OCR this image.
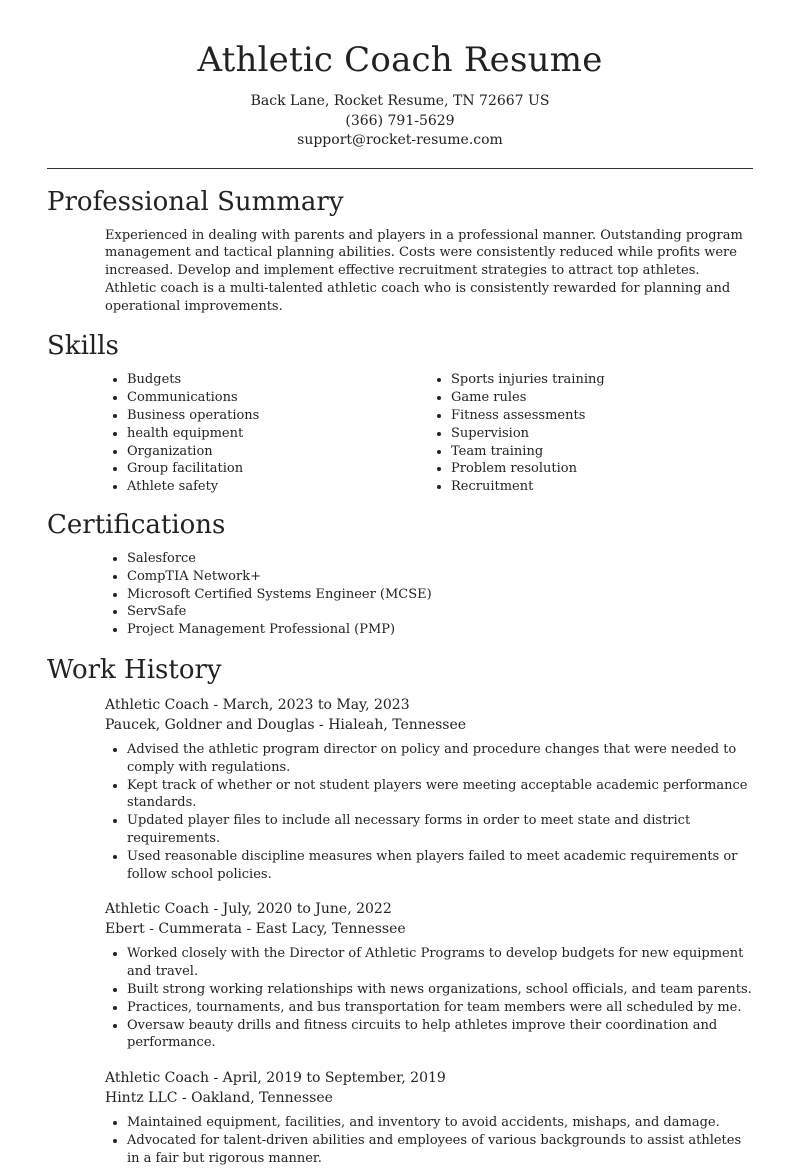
Athletic Coach Resume
Back Lane, Rocket Resume, TN 72667 US
(366) 791-5629
support@rocket-resume.com
Professional Summary

Experienced in dealing with parents and players in a professional manner. Outstanding program management and tactical planning abilities. Costs were consistently reduced while profits were increased. Develop and implement effective recruitment strategies to attract top athletes. Athletic coach is a multi-talented athletic coach who is consistently rewarded for planning and operational improvements.

Skills
• Budgets
• Communications
• Business operations
• health equipment
• Organization
• Group facilitation
• Athlete safety
• Sports injuries training
• Game rules
• Fitness assessments
• Supervision
• Team training
• Problem resolution
• Recruitment
Certifications
• Salesforce
• CompTIA Network+
• Microsoft Certified Systems Engineer (MCSE)
• ServSafe
• Project Management Professional (PMP)
Work History
Athletic Coach - March, 2023 to May, 2023
Paucek, Goldner and Douglas - Hialeah, Tennessee
• Advised the athletic program director on policy and procedure changes that were needed to comply with regulations.
• Kept track of whether or not student players were meeting acceptable academic performance standards.
• Updated player files to include all necessary forms in order to meet state and district requirements.
• Used reasonable discipline measures when players failed to meet academic requirements or follow school policies.
Athletic Coach - July, 2020 to June, 2022
Ebert - Cummerata - East Lacy, Tennessee
• Worked closely with the Director of Athletic Programs to develop budgets for new equipment and travel.
• Built strong working relationships with news organizations, school officials, and team parents.
• Practices, tournaments, and bus transportation for team members were all scheduled by me.
• Oversaw beauty drills and fitness circuits to help athletes improve their coordination and performance.
Athletic Coach - April, 2019 to September, 2019
Hintz LLC - Oakland, Tennessee
• Maintained equipment, facilities, and inventory to avoid accidents, mishaps, and damage.
• Advocated for talent-driven abilities and employees of various backgrounds to assist athletes in a fair but rigorous manner.
